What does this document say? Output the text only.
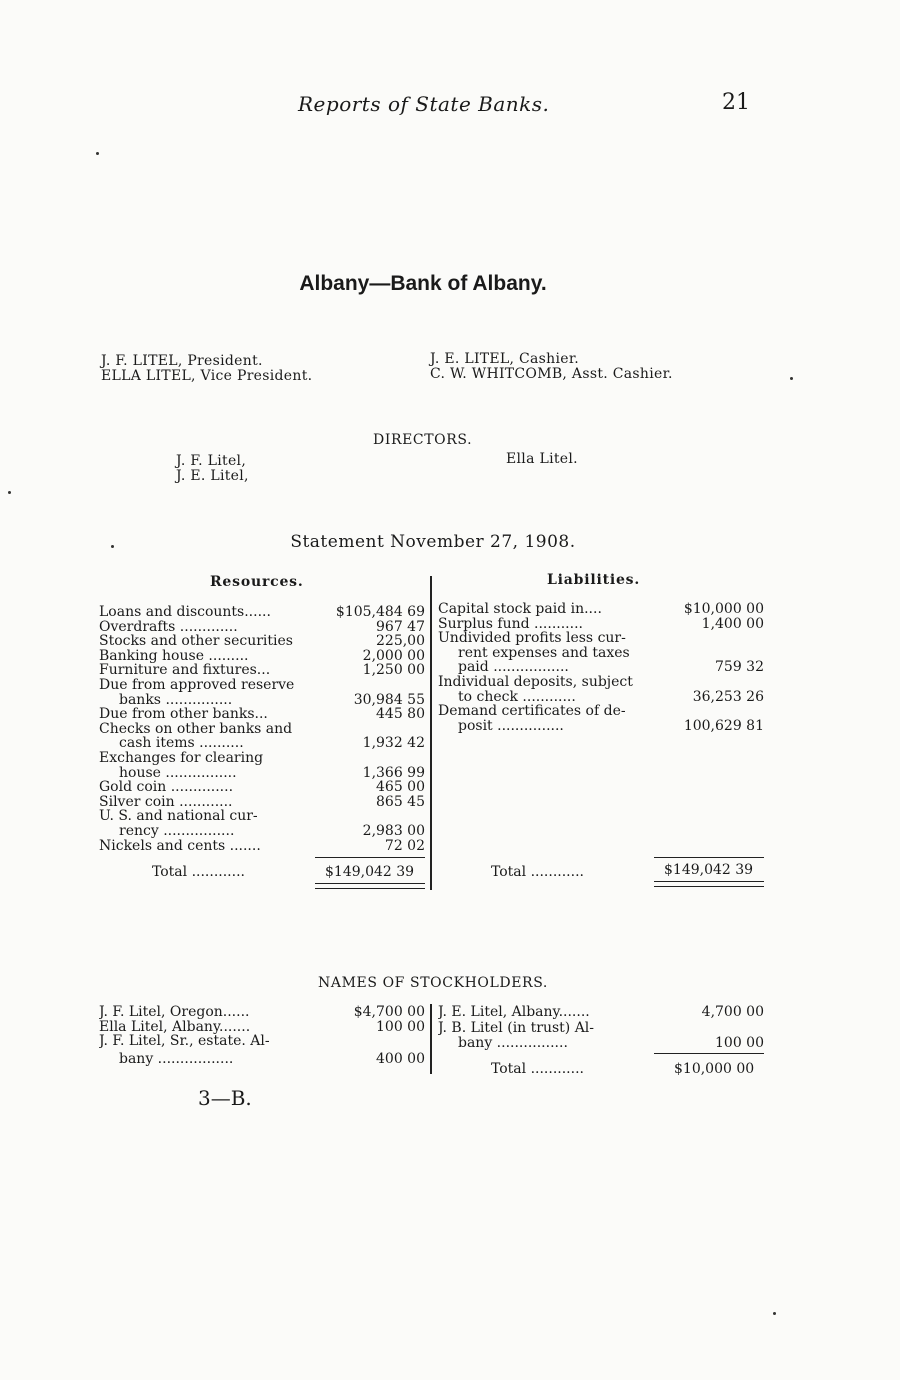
Reports of State Banks.	21
Albany—Bank of Albany.
J. F. LITEL, President.
ELLA LITEL, Vice President.
J. E. LITEL, Cashier.
C. W. WHITCOMB, Asst. Cashier.
DIRECTORS.
J. F. Litel,
J. E. Litel,
Ella Litel.
Statement November 27, 1908.
Resources.	Liabilities.
Loans and discounts......	$105,484 69
Overdrafts .............	967 47
Stocks and other securities	225,00
Banking house .........	2,000 00
Furniture and fixtures...	1,250 00
Due from approved reserve
banks ...............	30,984 55
Due from other banks...	445 80
Checks on other banks and
cash items ..........	1,932 42
Exchanges for clearing
house ................	1,366 99
Gold coin ..............	465 00
Silver coin ............	865 45
U. S. and national cur-
rency ................	2,983 00
Nickels and cents .......	72 02
Capital stock paid in....	$10,000 00
Surplus fund ...........	1,400 00
Undivided profits less cur-
rent expenses and taxes
paid .................	759 32
Individual deposits, subject
to check ............	36,253 26
Demand certificates of de-
posit ...............	100,629 81
Total ............	$149,042 39	Total ............	$149,042 39
NAMES OF STOCKHOLDERS.
J. F. Litel, Oregon......	$4,700 00
Ella Litel, Albany.......	100 00
J. F. Litel, Sr., estate. Al-
bany .................	400 00
J. E. Litel, Albany.......	4,700 00
J. B. Litel (in trust) Al-
bany ................	100 00
Total ............	$10,000 00
3—B.
